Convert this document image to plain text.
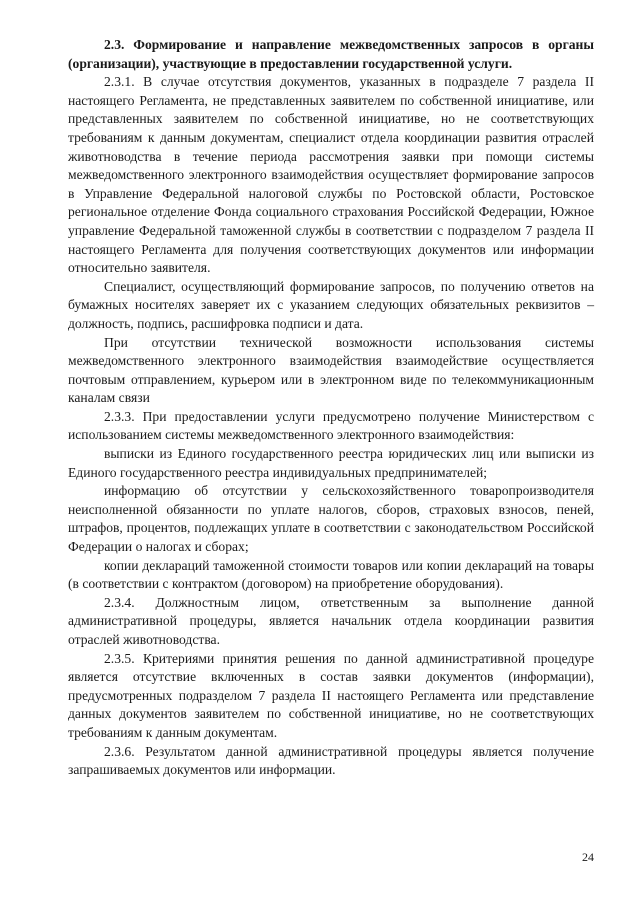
2.3. Формирование и направление межведомственных запросов в органы (организации), участвующие в предоставлении государственной услуги.

2.3.1. В случае отсутствия документов, указанных в подразделе 7 раздела II настоящего Регламента, не представленных заявителем по собственной инициативе, или представленных заявителем по собственной инициативе, но не соответствующих требованиям к данным документам, специалист отдела координации развития отраслей животноводства в течение периода рассмотрения заявки при помощи системы межведомственного электронного взаимодействия осуществляет формирование запросов в Управление Федеральной налоговой службы по Ростовской области, Ростовское региональное отделение Фонда социального страхования Российской Федерации, Южное управление Федеральной таможенной службы в соответствии с подразделом 7 раздела II настоящего Регламента для получения соответствующих документов или информации относительно заявителя.

Специалист, осуществляющий формирование запросов, по получению ответов на бумажных носителях заверяет их с указанием следующих обязательных реквизитов – должность, подпись, расшифровка подписи и дата.

При отсутствии технической возможности использования системы межведомственного электронного взаимодействия взаимодействие осуществляется почтовым отправлением, курьером или в электронном виде по телекоммуникационным каналам связи

2.3.3. При предоставлении услуги предусмотрено получение Министерством с использованием системы межведомственного электронного взаимодействия:

выписки из Единого государственного реестра юридических лиц или выписки из Единого государственного реестра индивидуальных предпринимателей;

информацию об отсутствии у сельскохозяйственного товаропроизводителя неисполненной обязанности по уплате налогов, сборов, страховых взносов, пеней, штрафов, процентов, подлежащих уплате в соответствии с законодательством Российской Федерации о налогах и сборах;

копии деклараций таможенной стоимости товаров или копии деклараций на товары (в соответствии с контрактом (договором) на приобретение оборудования).

2.3.4. Должностным лицом, ответственным за выполнение данной административной процедуры, является начальник отдела координации развития отраслей животноводства.

2.3.5. Критериями принятия решения по данной административной процедуре является отсутствие включенных в состав заявки документов (информации), предусмотренных подразделом 7 раздела II настоящего Регламента или представление данных документов заявителем по собственной инициативе, но не соответствующих требованиям к данным документам.

2.3.6. Результатом данной административной процедуры является получение запрашиваемых документов или информации.

24
